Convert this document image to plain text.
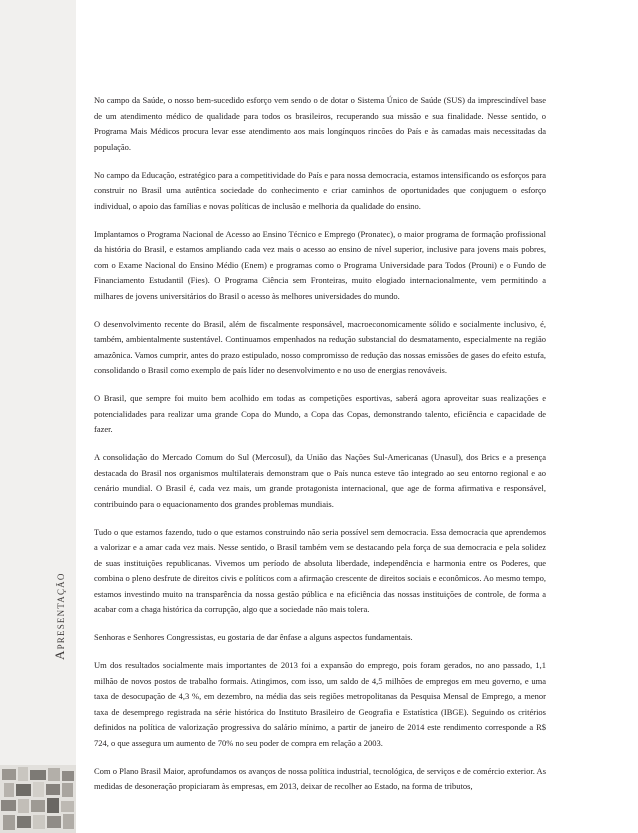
Apresentação

No campo da Saúde, o nosso bem-sucedido esforço vem sendo o de dotar o Sistema Único de Saúde (SUS) da imprescindível base de um atendimento médico de qualidade para todos os brasileiros, recuperando sua missão e sua finalidade. Nesse sentido, o Programa Mais Médicos procura levar esse atendimento aos mais longínquos rincões do País e às camadas mais necessitadas da população.

No campo da Educação, estratégico para a competitividade do País e para nossa democracia, estamos intensificando os esforços para construir no Brasil uma autêntica sociedade do conhecimento e criar caminhos de oportunidades que conjuguem o esforço individual, o apoio das famílias e novas políticas de inclusão e melhoria da qualidade do ensino.

Implantamos o Programa Nacional de Acesso ao Ensino Técnico e Emprego (Pronatec), o maior programa de formação profissional da história do Brasil, e estamos ampliando cada vez mais o acesso ao ensino de nível superior, inclusive para jovens mais pobres, com o Exame Nacional do Ensino Médio (Enem) e programas como o Programa Universidade para Todos (Prouni) e o Fundo de Financiamento Estudantil (Fies). O Programa Ciência sem Fronteiras, muito elogiado internacionalmente, vem permitindo a milhares de jovens universitários do Brasil o acesso às melhores universidades do mundo.

O desenvolvimento recente do Brasil, além de fiscalmente responsável, macroeconomicamente sólido e socialmente inclusivo, é, também, ambientalmente sustentável. Continuamos empenhados na redução substancial do desmatamento, especialmente na região amazônica. Vamos cumprir, antes do prazo estipulado, nosso compromisso de redução das nossas emissões de gases do efeito estufa, consolidando o Brasil como exemplo de país líder no desenvolvimento e no uso de energias renováveis.

O Brasil, que sempre foi muito bem acolhido em todas as competições esportivas, saberá agora aproveitar suas realizações e potencialidades para realizar uma grande Copa do Mundo, a Copa das Copas, demonstrando talento, eficiência e capacidade de fazer.

A consolidação do Mercado Comum do Sul (Mercosul), da União das Nações Sul-Americanas (Unasul), dos Brics e a presença destacada do Brasil nos organismos multilaterais demonstram que o País nunca esteve tão integrado ao seu entorno regional e ao cenário mundial. O Brasil é, cada vez mais, um grande protagonista internacional, que age de forma afirmativa e responsável, contribuindo para o equacionamento dos grandes problemas mundiais.

Tudo o que estamos fazendo, tudo o que estamos construindo não seria possível sem democracia. Essa democracia que aprendemos a valorizar e a amar cada vez mais. Nesse sentido, o Brasil também vem se destacando pela força de sua democracia e pela solidez de suas instituições republicanas. Vivemos um período de absoluta liberdade, independência e harmonia entre os Poderes, que combina o pleno desfrute de direitos civis e políticos com a afirmação crescente de direitos sociais e econômicos. Ao mesmo tempo, estamos investindo muito na transparência da nossa gestão pública e na eficiência das nossas instituições de controle, de forma a acabar com a chaga histórica da corrupção, algo que a sociedade não mais tolera.

Senhoras e Senhores Congressistas, eu gostaria de dar ênfase a alguns aspectos fundamentais.

Um dos resultados socialmente mais importantes de 2013 foi a expansão do emprego, pois foram gerados, no ano passado, 1,1 milhão de novos postos de trabalho formais. Atingimos, com isso, um saldo de 4,5 milhões de empregos em meu governo, e uma taxa de desocupação de 4,3 %, em dezembro, na média das seis regiões metropolitanas da Pesquisa Mensal de Emprego, a menor taxa de desemprego registrada na série histórica do Instituto Brasileiro de Geografia e Estatística (IBGE). Seguindo os critérios definidos na política de valorização progressiva do salário mínimo, a partir de janeiro de 2014 este rendimento corresponde a R$ 724, o que assegura um aumento de 70% no seu poder de compra em relação a 2003.

Com o Plano Brasil Maior, aprofundamos os avanços de nossa política industrial, tecnológica, de serviços e de comércio exterior. As medidas de desoneração propiciaram às empresas, em 2013, deixar de recolher ao Estado, na forma de tributos,
